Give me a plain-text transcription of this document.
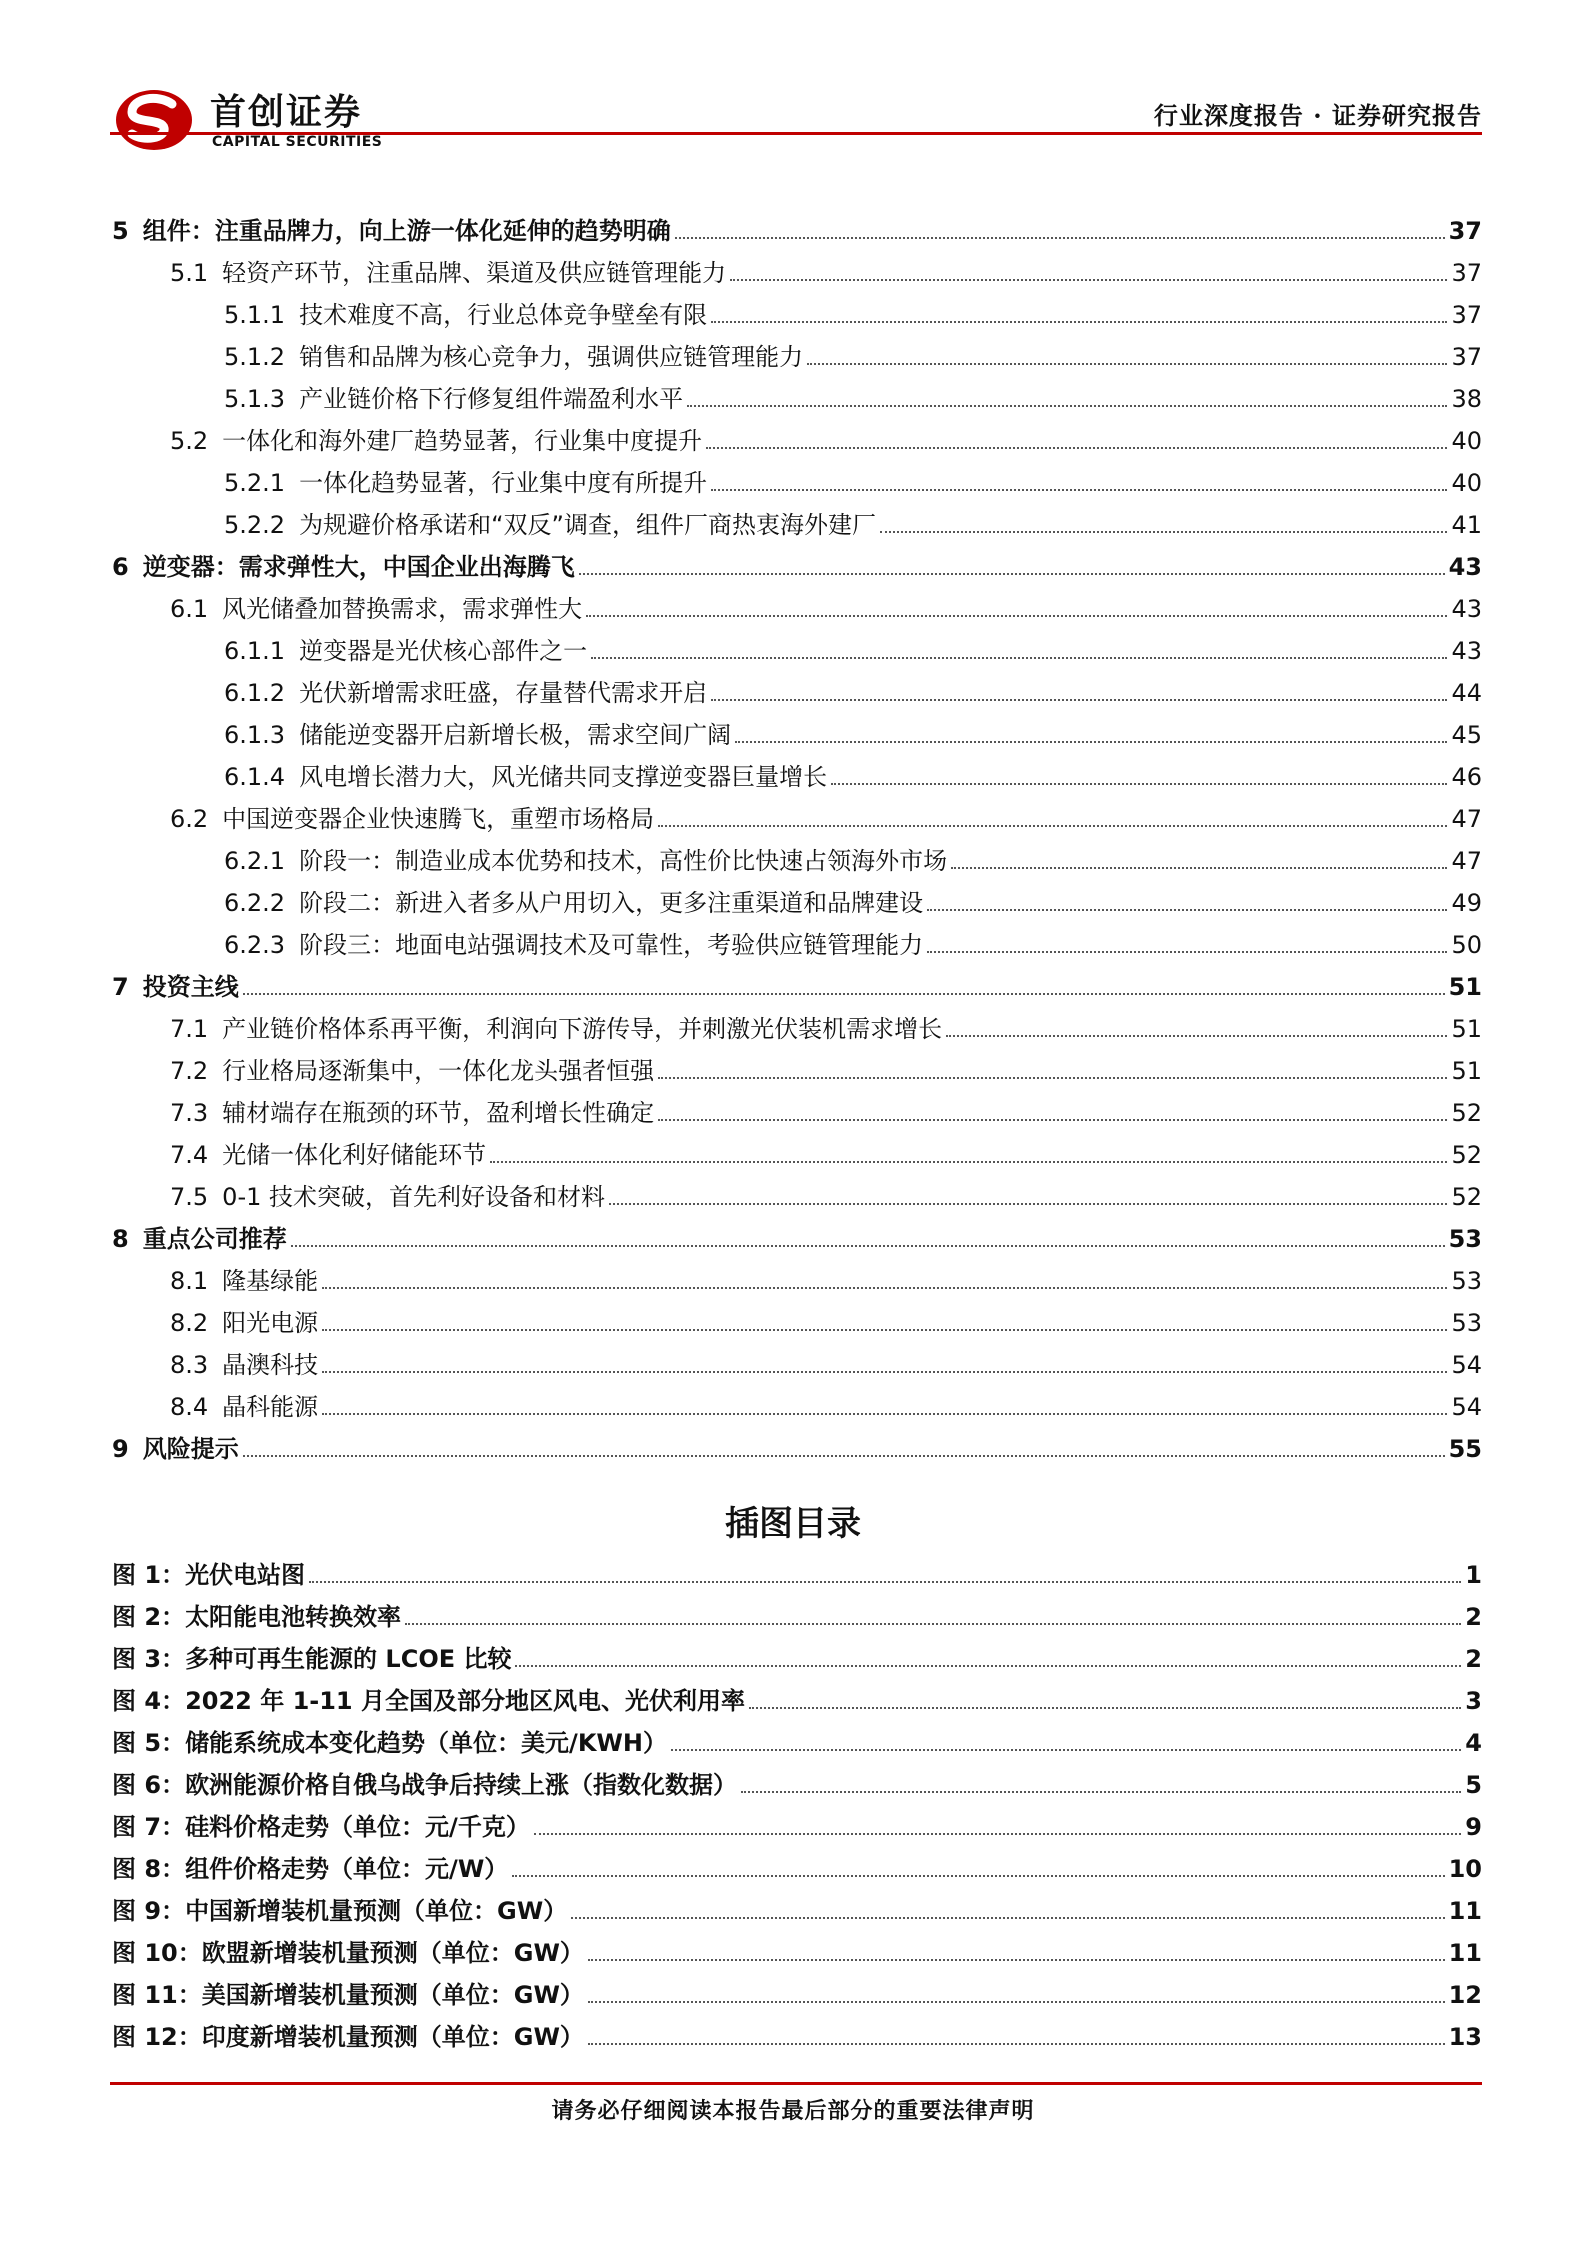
首创证券
CAPITAL SECURITIES
行业深度报告 · 证券研究报告
5 组件：注重品牌力，向上游一体化延伸的趋势明确	37
5.1 轻资产环节，注重品牌、渠道及供应链管理能力	37
5.1.1 技术难度不高，行业总体竞争壁垒有限	37
5.1.2 销售和品牌为核心竞争力，强调供应链管理能力	37
5.1.3 产业链价格下行修复组件端盈利水平	38
5.2 一体化和海外建厂趋势显著，行业集中度提升	40
5.2.1 一体化趋势显著，行业集中度有所提升	40
5.2.2 为规避价格承诺和“双反”调查，组件厂商热衷海外建厂	41
6 逆变器：需求弹性大，中国企业出海腾飞	43
6.1 风光储叠加替换需求，需求弹性大	43
6.1.1 逆变器是光伏核心部件之一	43
6.1.2 光伏新增需求旺盛，存量替代需求开启	44
6.1.3 储能逆变器开启新增长极，需求空间广阔	45
6.1.4 风电增长潜力大，风光储共同支撑逆变器巨量增长	46
6.2 中国逆变器企业快速腾飞，重塑市场格局	47
6.2.1 阶段一：制造业成本优势和技术，高性价比快速占领海外市场	47
6.2.2 阶段二：新进入者多从户用切入，更多注重渠道和品牌建设	49
6.2.3 阶段三：地面电站强调技术及可靠性，考验供应链管理能力	50
7 投资主线	51
7.1 产业链价格体系再平衡，利润向下游传导，并刺激光伏装机需求增长	51
7.2 行业格局逐渐集中，一体化龙头强者恒强	51
7.3 辅材端存在瓶颈的环节，盈利增长性确定	52
7.4 光储一体化利好储能环节	52
7.5 0-1 技术突破，首先利好设备和材料	52
8 重点公司推荐	53
8.1 隆基绿能	53
8.2 阳光电源	53
8.3 晶澳科技	54
8.4 晶科能源	54
9 风险提示	55
插图目录
图 1：光伏电站图	1
图 2：太阳能电池转换效率	2
图 3：多种可再生能源的 LCOE 比较	2
图 4：2022 年 1-11 月全国及部分地区风电、光伏利用率	3
图 5：储能系统成本变化趋势（单位：美元/KWH）	4
图 6：欧洲能源价格自俄乌战争后持续上涨（指数化数据）	5
图 7：硅料价格走势（单位：元/千克）	9
图 8：组件价格走势（单位：元/W）	10
图 9：中国新增装机量预测（单位：GW）	11
图 10：欧盟新增装机量预测（单位：GW）	11
图 11：美国新增装机量预测（单位：GW）	12
图 12：印度新增装机量预测（单位：GW）	13
请务必仔细阅读本报告最后部分的重要法律声明
